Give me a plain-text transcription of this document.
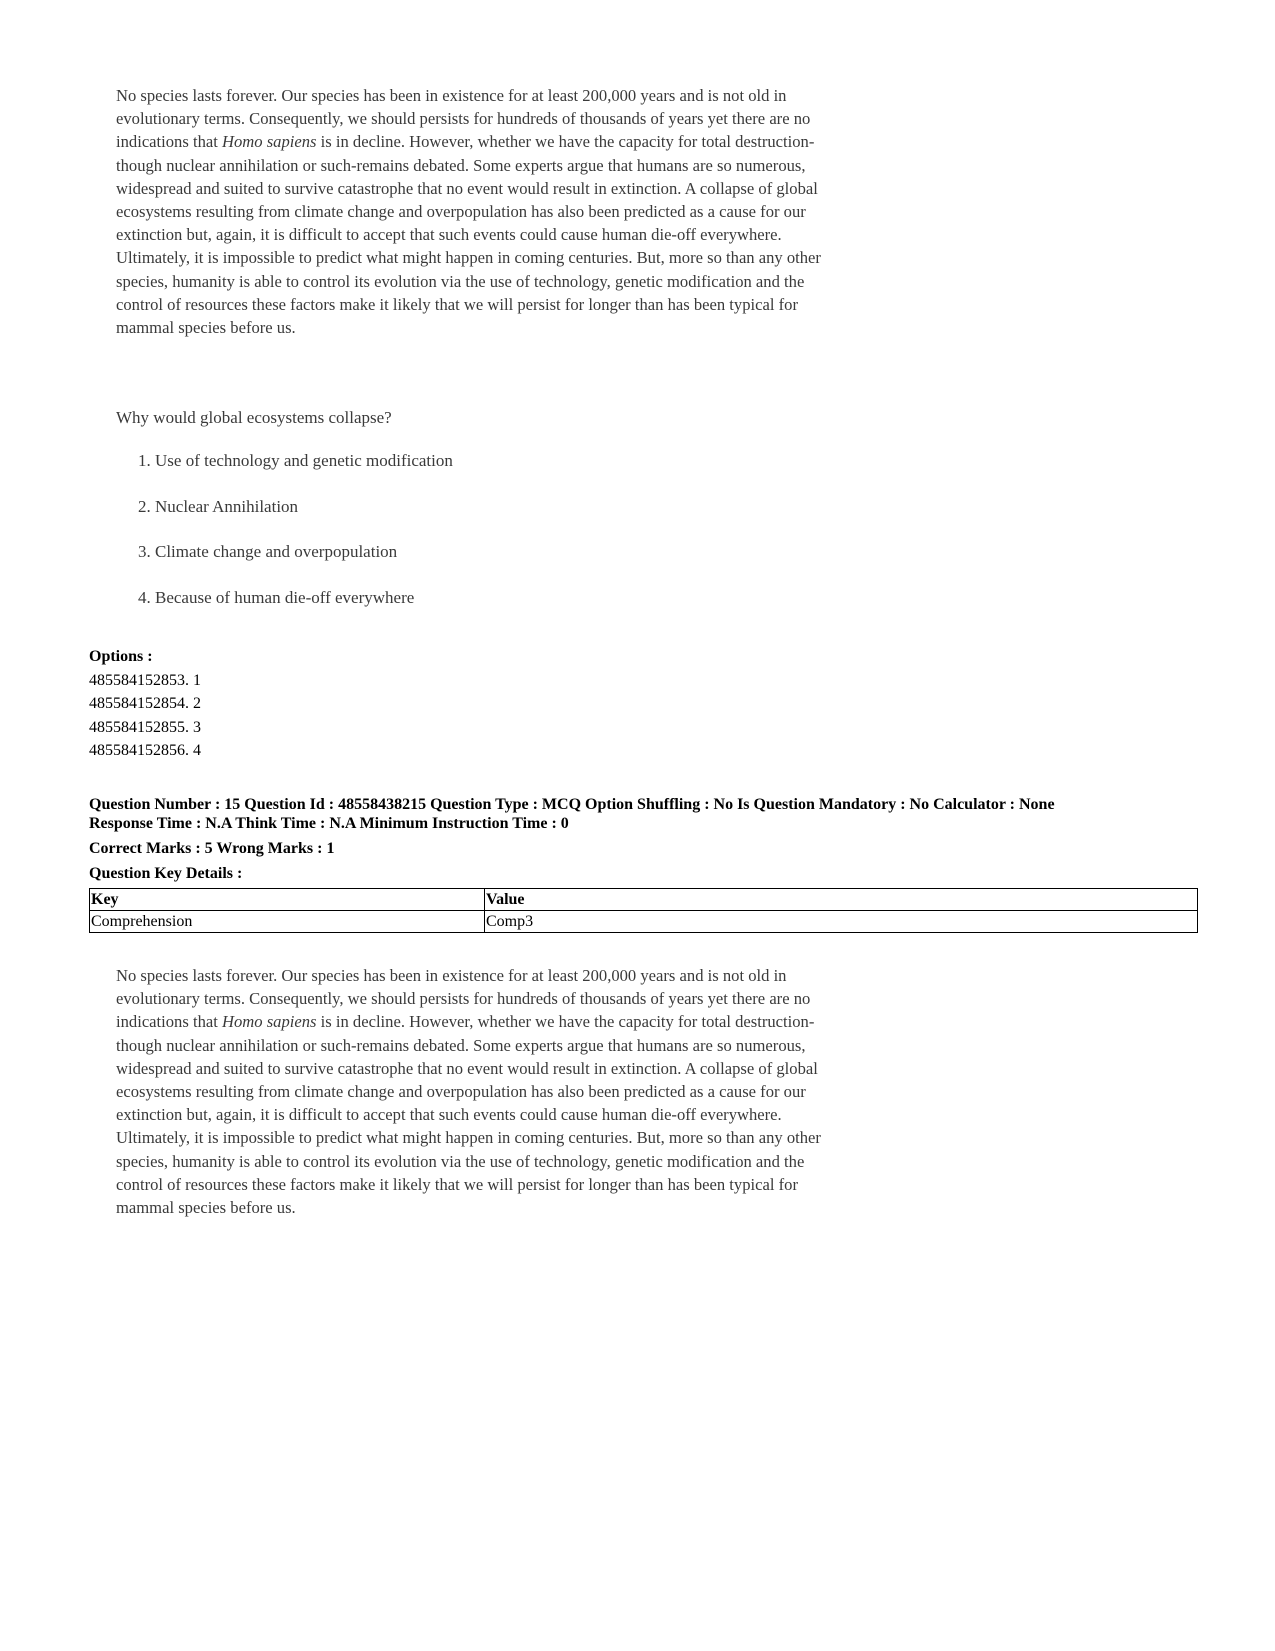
No species lasts forever. Our species has been in existence for at least 200,000 years and is not old in

evolutionary terms. Consequently, we should persists for hundreds of thousands of years yet there are no

indications that Homo sapiens is in decline. However, whether we have the capacity for total destruction-

though nuclear annihilation or such-remains debated. Some experts argue that humans are so numerous,

widespread and suited to survive catastrophe that no event would result in extinction. A collapse of global

ecosystems resulting from climate change and overpopulation has also been predicted as a cause for our

extinction but, again, it is difficult to accept that such events could cause human die-off everywhere.

Ultimately, it is impossible to predict what might happen in coming centuries. But, more so than any other

species, humanity is able to control its evolution via the use of technology, genetic modification and the

control of resources these factors make it likely that we will persist for longer than has been typical for

mammal species before us.

Why would global ecosystems collapse?

1. Use of technology and genetic modification
2. Nuclear Annihilation
3. Climate change and overpopulation
4. Because of human die-off everywhere
Options :
485584152853. 1
485584152854. 2
485584152855. 3
485584152856. 4
Question Number : 15 Question Id : 48558438215 Question Type : MCQ Option Shuffling : No Is Question Mandatory : No Calculator : None
Response Time : N.A Think Time : N.A Minimum Instruction Time : 0
Correct Marks : 5 Wrong Marks : 1
Question Key Details :
Key	Value
Comprehension	Comp3

No species lasts forever. Our species has been in existence for at least 200,000 years and is not old in

evolutionary terms. Consequently, we should persists for hundreds of thousands of years yet there are no

indications that Homo sapiens is in decline. However, whether we have the capacity for total destruction-

though nuclear annihilation or such-remains debated. Some experts argue that humans are so numerous,

widespread and suited to survive catastrophe that no event would result in extinction. A collapse of global

ecosystems resulting from climate change and overpopulation has also been predicted as a cause for our

extinction but, again, it is difficult to accept that such events could cause human die-off everywhere.

Ultimately, it is impossible to predict what might happen in coming centuries. But, more so than any other

species, humanity is able to control its evolution via the use of technology, genetic modification and the

control of resources these factors make it likely that we will persist for longer than has been typical for

mammal species before us.
